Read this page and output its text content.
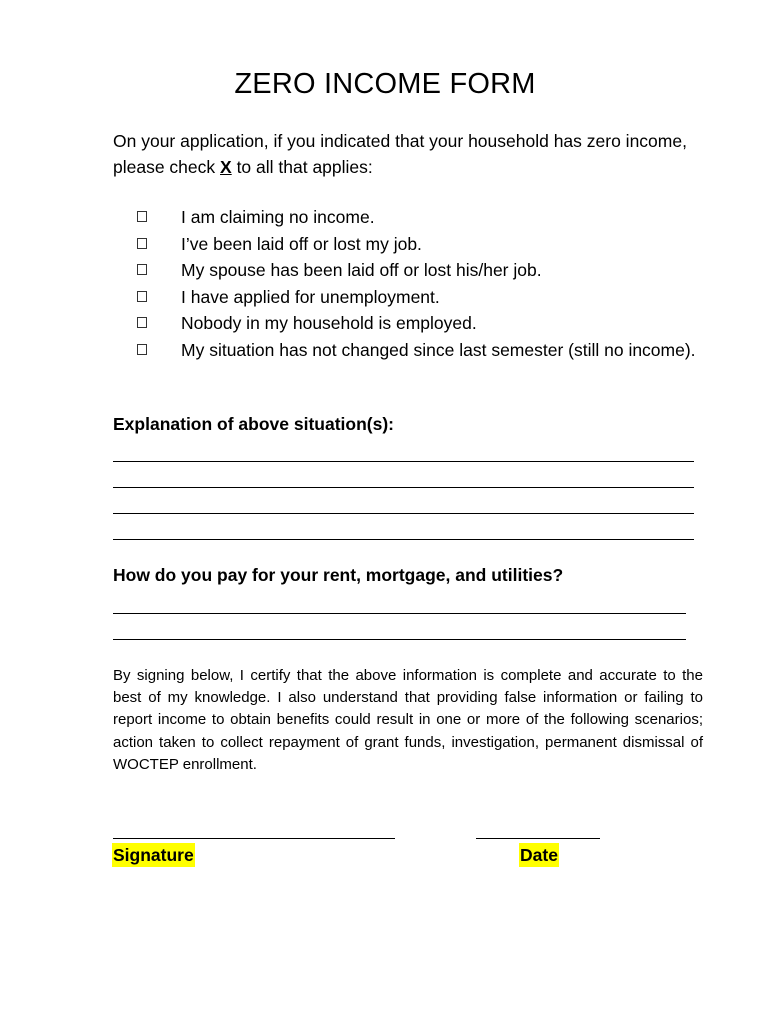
ZERO INCOME FORM
On your application, if you indicated that your household has zero income, please check X to all that applies:
I am claiming no income.
I’ve been laid off or lost my job.
My spouse has been laid off or lost his/her job.
I have applied for unemployment.
Nobody in my household is employed.
My situation has not changed since last semester (still no income).
Explanation of above situation(s):
How do you pay for your rent, mortgage, and utilities?
By signing below, I certify that the above information is complete and accurate to the best of my knowledge. I also understand that providing false information or failing to report income to obtain benefits could result in one or more of the following scenarios; action taken to collect repayment of grant funds, investigation, permanent dismissal of WOCTEP enrollment.
Signature	Date
